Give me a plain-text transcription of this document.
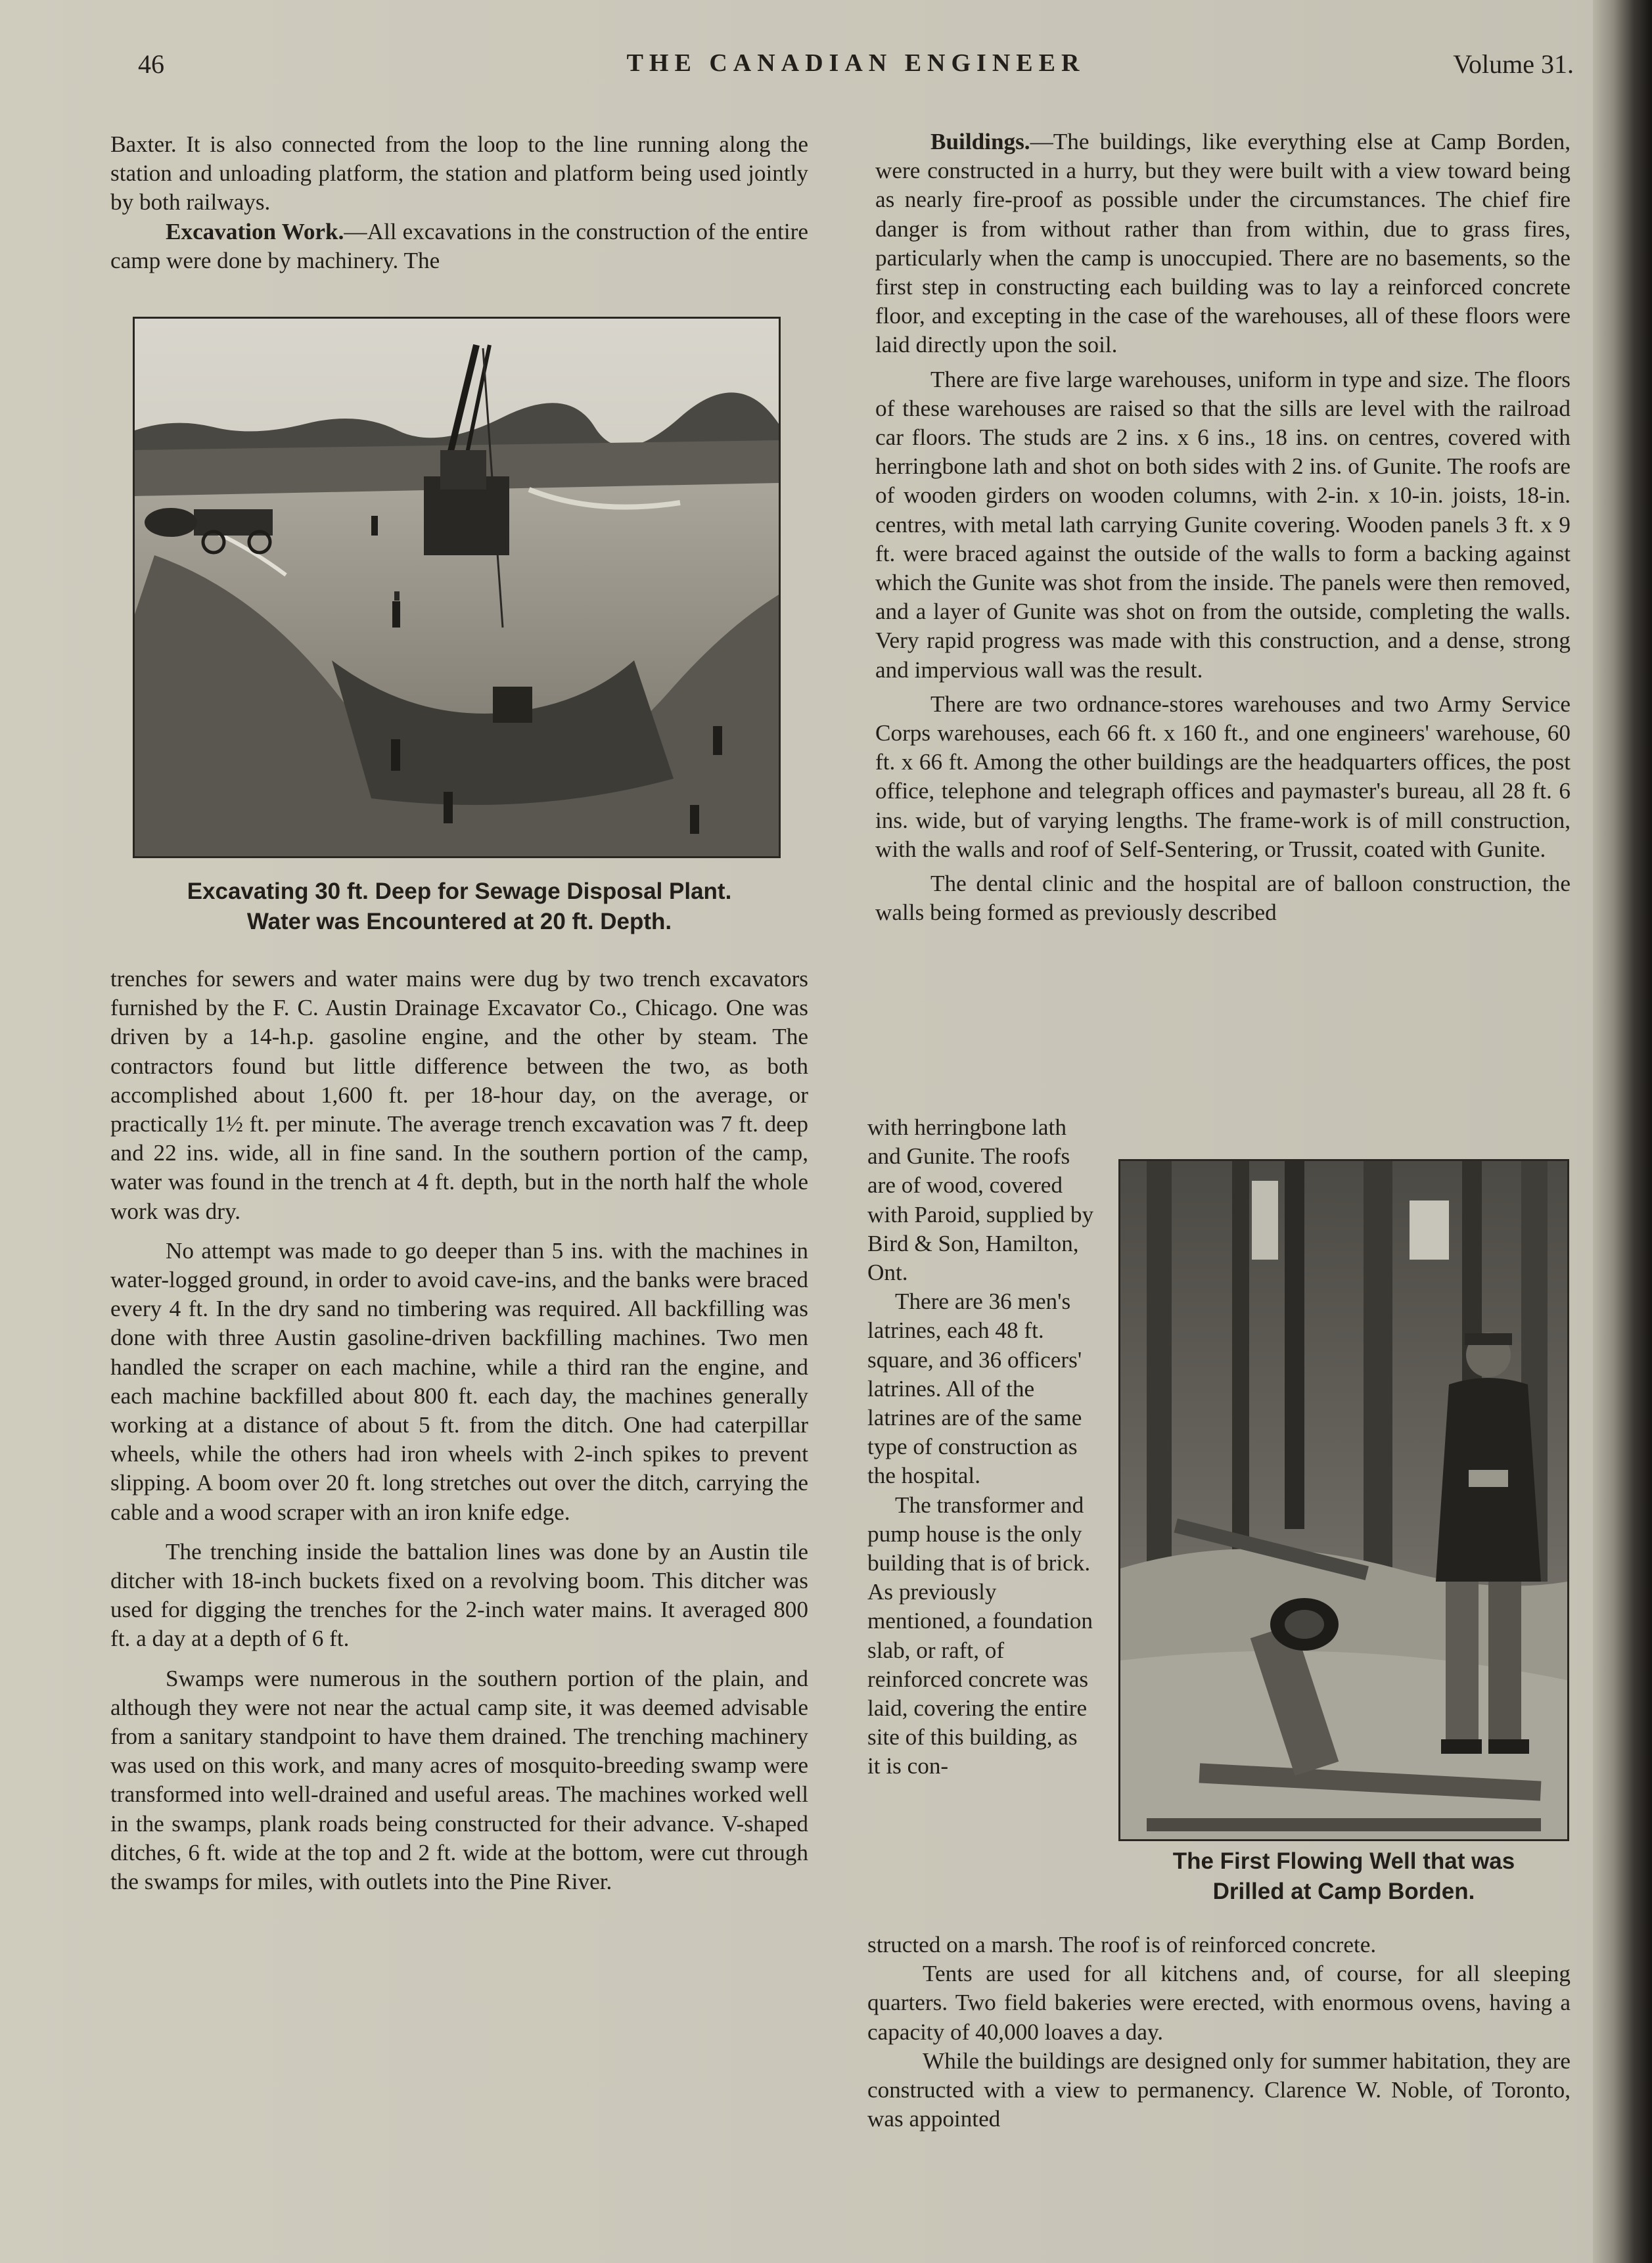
46	THE CANADIAN ENGINEER	Volume 31.

Baxter. It is also connected from the loop to the line running along the station and unloading platform, the station and platform being used jointly by both railways.

Excavation Work.—All excavations in the construction of the entire camp were done by machinery. The

Excavating 30 ft. Deep for Sewage Disposal Plant.
Water was Encountered at 20 ft. Depth.

trenches for sewers and water mains were dug by two trench excavators furnished by the F. C. Austin Drainage Excavator Co., Chicago. One was driven by a 14-h.p. gasoline engine, and the other by steam. The contractors found but little difference between the two, as both accomplished about 1,600 ft. per 18-hour day, on the average, or practically 1½ ft. per minute. The average trench excavation was 7 ft. deep and 22 ins. wide, all in fine sand. In the southern portion of the camp, water was found in the trench at 4 ft. depth, but in the north half the whole work was dry.

No attempt was made to go deeper than 5 ins. with the machines in water-logged ground, in order to avoid cave-ins, and the banks were braced every 4 ft. In the dry sand no timbering was required. All backfilling was done with three Austin gasoline-driven backfilling machines. Two men handled the scraper on each machine, while a third ran the engine, and each machine backfilled about 800 ft. each day, the machines generally working at a distance of about 5 ft. from the ditch. One had caterpillar wheels, while the others had iron wheels with 2-inch spikes to prevent slipping. A boom over 20 ft. long stretches out over the ditch, carrying the cable and a wood scraper with an iron knife edge.

The trenching inside the battalion lines was done by an Austin tile ditcher with 18-inch buckets fixed on a revolving boom. This ditcher was used for digging the trenches for the 2-inch water mains. It averaged 800 ft. a day at a depth of 6 ft.

Swamps were numerous in the southern portion of the plain, and although they were not near the actual camp site, it was deemed advisable from a sanitary standpoint to have them drained. The trenching machinery was used on this work, and many acres of mosquito-breeding swamp were transformed into well-drained and useful areas. The machines worked well in the swamps, plank roads being constructed for their advance. V-shaped ditches, 6 ft. wide at the top and 2 ft. wide at the bottom, were cut through the swamps for miles, with outlets into the Pine River.

Buildings.—The buildings, like everything else at Camp Borden, were constructed in a hurry, but they were built with a view toward being as nearly fire-proof as possible under the circumstances. The chief fire danger is from without rather than from within, due to grass fires, particularly when the camp is unoccupied. There are no basements, so the first step in constructing each building was to lay a reinforced concrete floor, and excepting in the case of the warehouses, all of these floors were laid directly upon the soil.

There are five large warehouses, uniform in type and size. The floors of these warehouses are raised so that the sills are level with the railroad car floors. The studs are 2 ins. x 6 ins., 18 ins. on centres, covered with herringbone lath and shot on both sides with 2 ins. of Gunite. The roofs are of wooden girders on wooden columns, with 2-in. x 10-in. joists, 18-in. centres, with metal lath carrying Gunite covering. Wooden panels 3 ft. x 9 ft. were braced against the outside of the walls to form a backing against which the Gunite was shot from the inside. The panels were then removed, and a layer of Gunite was shot on from the outside, completing the walls. Very rapid progress was made with this construction, and a dense, strong and impervious wall was the result.

There are two ordnance-stores warehouses and two Army Service Corps warehouses, each 66 ft. x 160 ft., and one engineers' warehouse, 60 ft. x 66 ft. Among the other buildings are the headquarters offices, the post office, telephone and telegraph offices and paymaster's bureau, all 28 ft. 6 ins. wide, but of varying lengths. The frame-work is of mill construction, with the walls and roof of Self-Sentering, or Trussit, coated with Gunite.

The dental clinic and the hospital are of balloon construction, the walls being formed as previously described

with herringbone lath and Gunite. The roofs are of wood, covered with Paroid, supplied by Bird & Son, Hamilton, Ont.

There are 36 men's latrines, each 48 ft. square, and 36 officers' latrines. All of the latrines are of the same type of construction as the hospital.

The transformer and pump house is the only building that is of brick. As previously mentioned, a foundation slab, or raft, of reinforced concrete was laid, covering the entire site of this building, as it is con-

The First Flowing Well that was
Drilled at Camp Borden.

structed on a marsh. The roof is of reinforced concrete.

Tents are used for all kitchens and, of course, for all sleeping quarters. Two field bakeries were erected, with enormous ovens, having a capacity of 40,000 loaves a day.

While the buildings are designed only for summer habitation, they are constructed with a view to permanency. Clarence W. Noble, of Toronto, was appointed
